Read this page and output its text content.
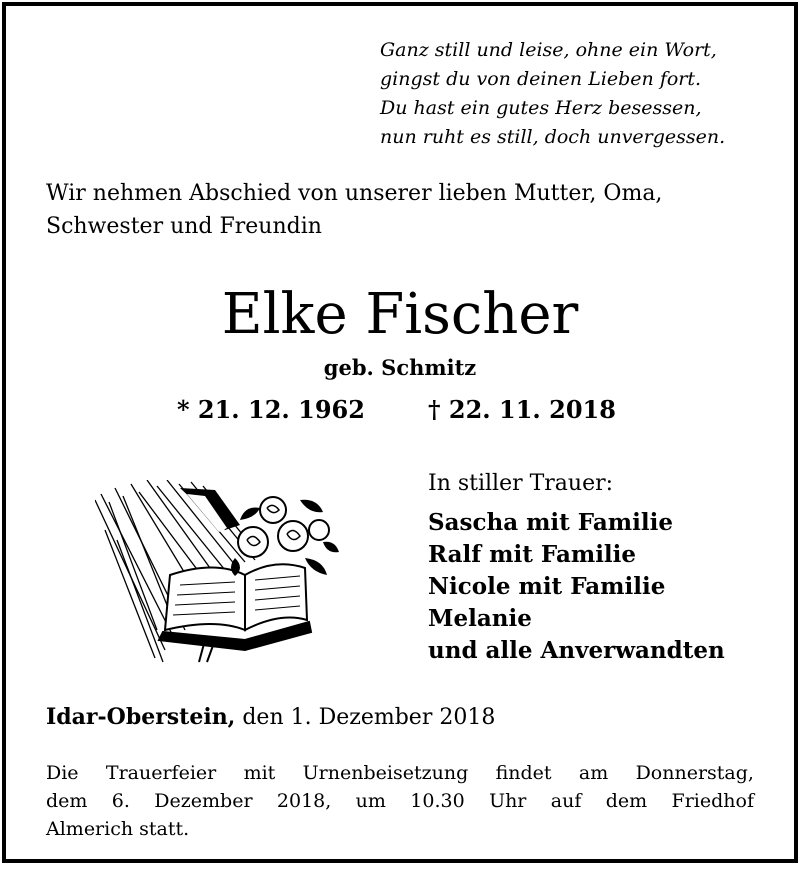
Ganz still und leise, ohne ein Wort,
gingst du von deinen Lieben fort.
Du hast ein gutes Herz besessen,
nun ruht es still, doch unvergessen.
Wir nehmen Abschied von unserer lieben Mutter, Oma,
Schwester und Freundin
Elke Fischer
geb. Schmitz
* 21. 12. 1962	† 22. 11. 2018
In stiller Trauer:
Sascha mit Familie
Ralf mit Familie
Nicole mit Familie
Melanie
und alle Anverwandten
Idar-Oberstein, den 1. Dezember 2018
Die Trauerfeier mit Urnenbeisetzung findet am Donnerstag,
dem 6. Dezember 2018, um 10.30 Uhr auf dem Friedhof
Almerich statt.
